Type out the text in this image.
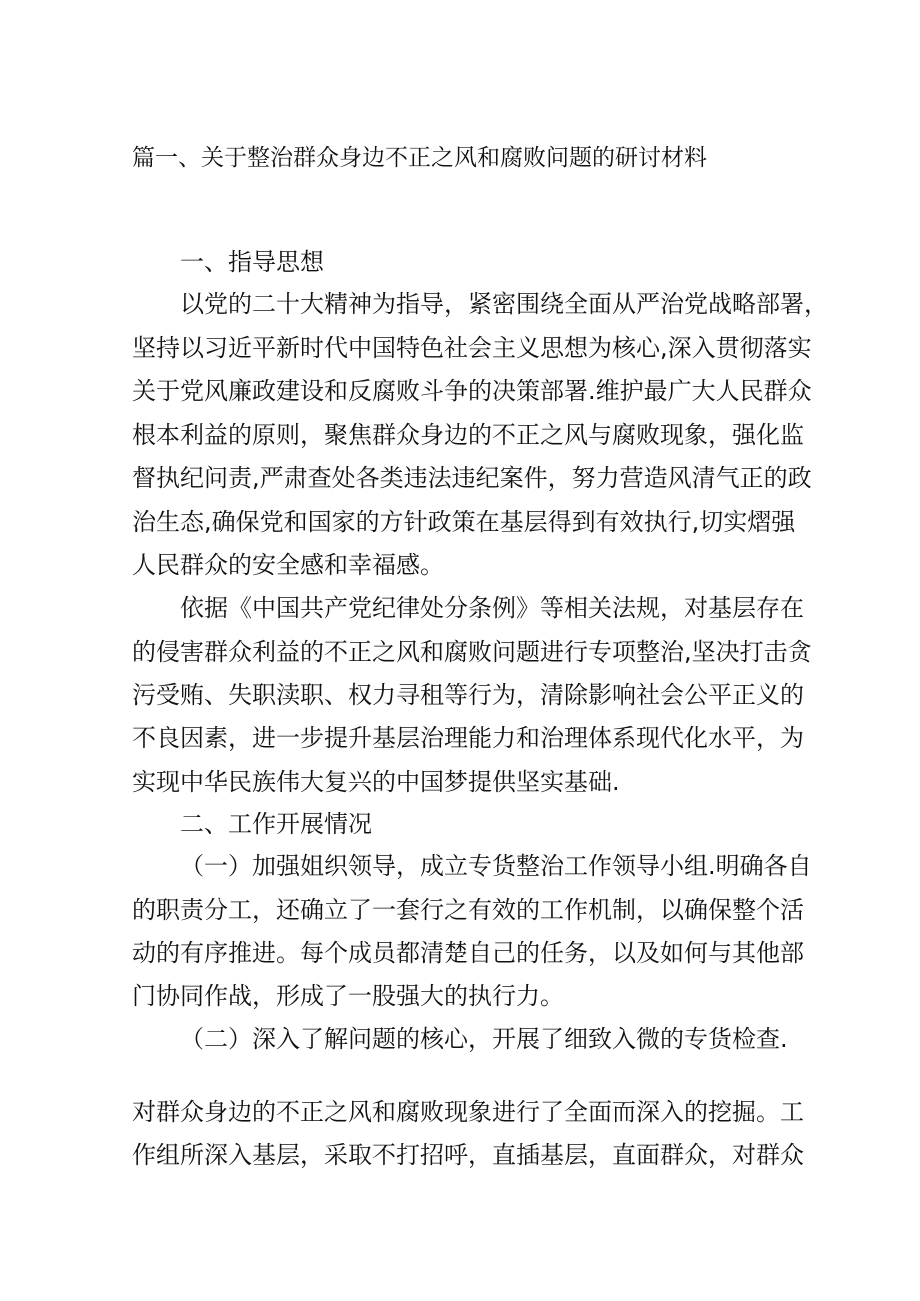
篇一、关于整治群众身边不正之风和腐败问题的研讨材料
一、指导思想
以党的二十大精神为指导，紧密围绕全面从严治党战略部署，
坚持以习近平新时代中国特色社会主义思想为核心,深入贯彻落实
关于党风廉政建设和反腐败斗争的决策部署.维护最广大人民群众
根本利益的原则，聚焦群众身边的不正之风与腐败现象，强化监
督执纪问责,严肃查处各类违法违纪案件，努力营造风清气正的政
治生态,确保党和国家的方针政策在基层得到有效执行,切实熠强
人民群众的安全感和幸福感。
依据《中国共产党纪律处分条例》等相关法规，对基层存在
的侵害群众利益的不正之风和腐败问题进行专项整治,坚决打击贪
污受贿、失职渎职、权力寻租等行为，清除影响社会公平正义的
不良因素，进一步提升基层治理能力和治理体系现代化水平，为
实现中华民族伟大复兴的中国梦提供坚实基础.
二、工作开展情况
（一）加强姐织领导，成立专货整治工作领导小组.明确各自
的职责分工，还确立了一套行之有效的工作机制，以确保整个活
动的有序推进。每个成员都清楚自己的任务，以及如何与其他部
门协同作战，形成了一股强大的执行力。
（二）深入了解问题的核心，开展了细致入微的专货检查.
对群众身边的不正之风和腐败现象进行了全面而深入的挖掘。工
作组所深入基层，采取不打招呼，直插基层，直面群众，对群众
